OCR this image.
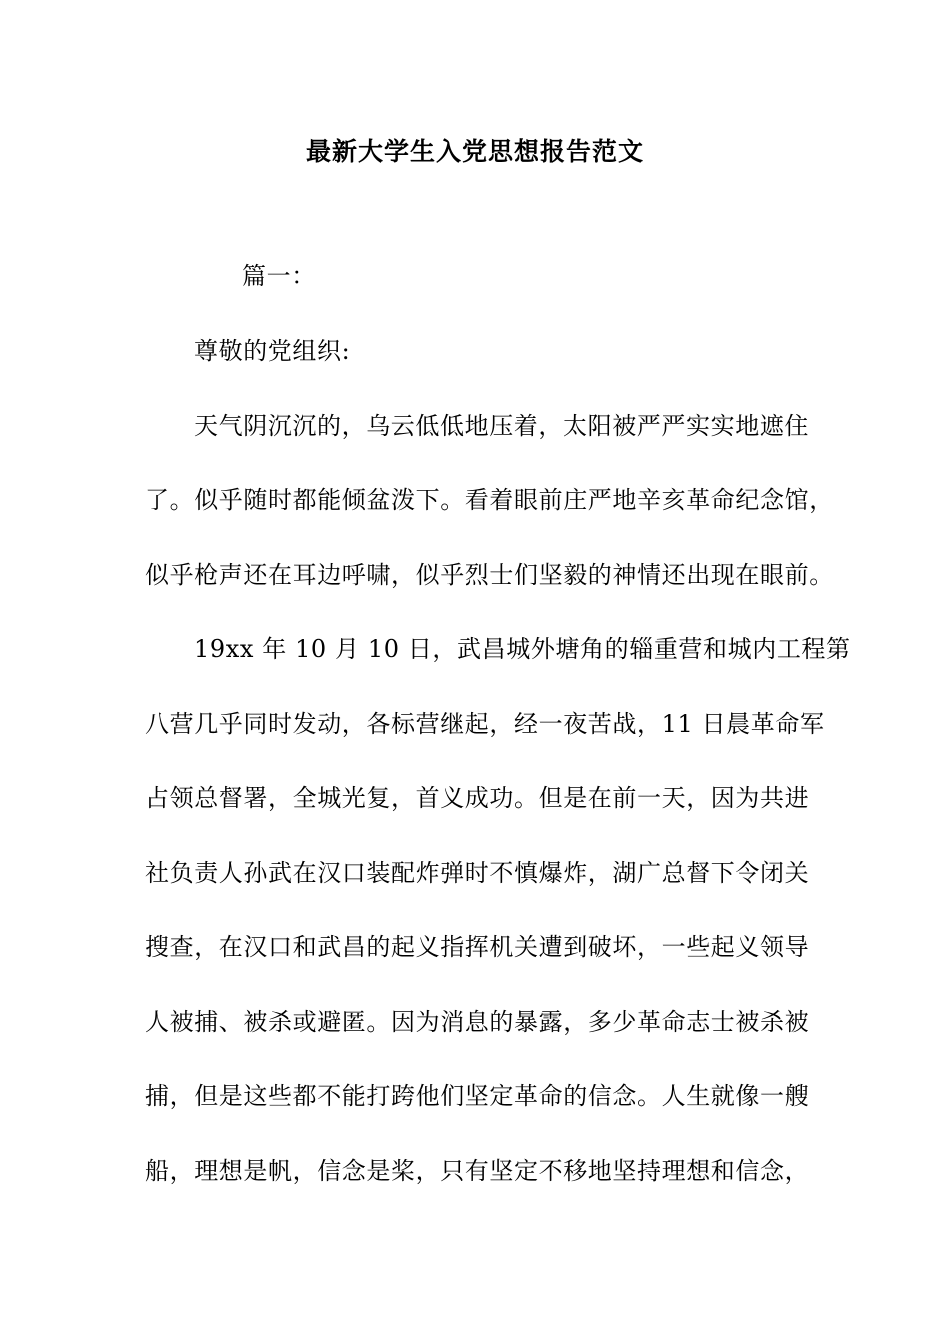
最新大学生入党思想报告范文
篇一：
尊敬的党组织:
天气阴沉沉的，乌云低低地压着，太阳被严严实实地遮住
了。似乎随时都能倾盆泼下。看着眼前庄严地辛亥革命纪念馆，
似乎枪声还在耳边呼啸，似乎烈士们坚毅的神情还出现在眼前。
19xx 年 10 月 10 日，武昌城外塘角的辎重营和城内工程第
八营几乎同时发动，各标营继起，经一夜苦战，11 日晨革命军
占领总督署，全城光复，首义成功。但是在前一天，因为共进
社负责人孙武在汉口装配炸弹时不慎爆炸，湖广总督下令闭关
搜查，在汉口和武昌的起义指挥机关遭到破坏，一些起义领导
人被捕、被杀或避匿。因为消息的暴露，多少革命志士被杀被
捕，但是这些都不能打跨他们坚定革命的信念。人生就像一艘
船，理想是帆，信念是桨，只有坚定不移地坚持理想和信念，
